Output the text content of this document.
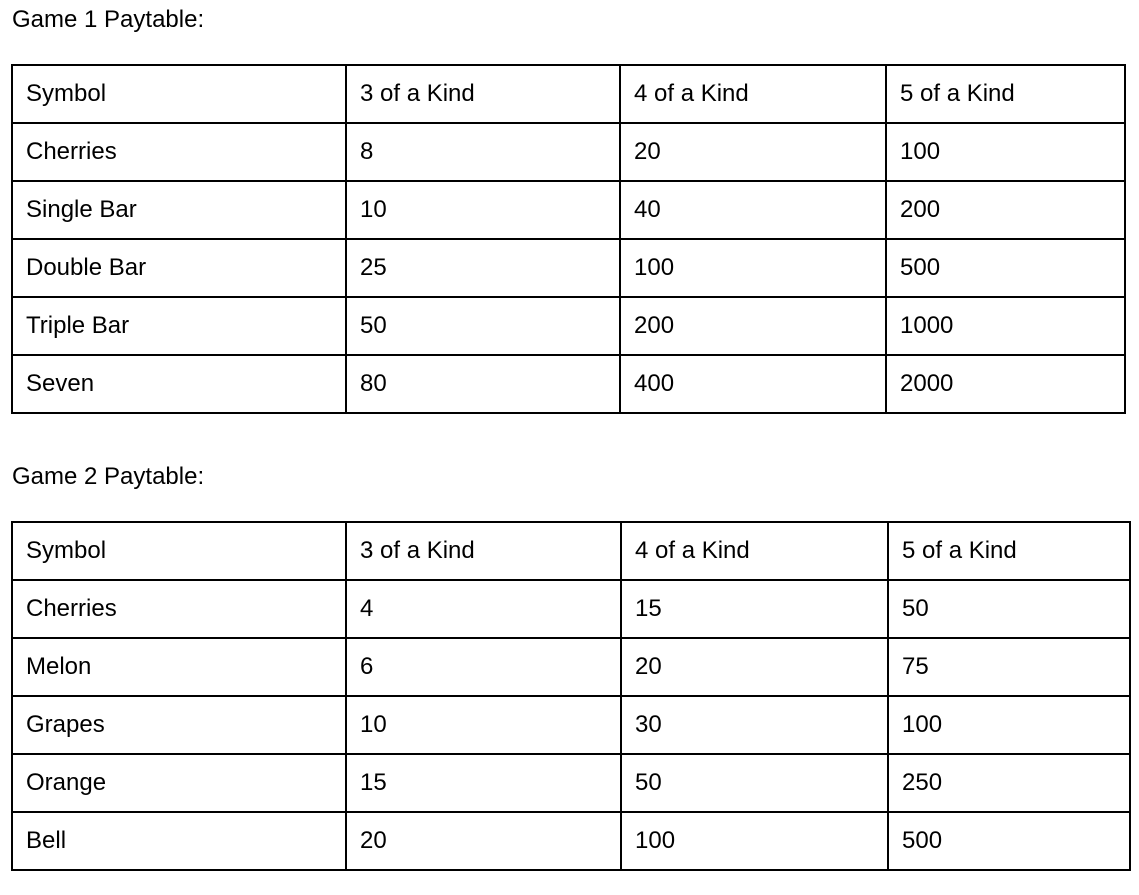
Game 1 Paytable:

Symbol	3 of a Kind	4 of a Kind	5 of a Kind
Cherries	8	20	100
Single Bar	10	40	200
Double Bar	25	100	500
Triple Bar	50	200	1000
Seven	80	400	2000

Game 2 Paytable:

Symbol	3 of a Kind	4 of a Kind	5 of a Kind
Cherries	4	15	50
Melon	6	20	75
Grapes	10	30	100
Orange	15	50	250
Bell	20	100	500
